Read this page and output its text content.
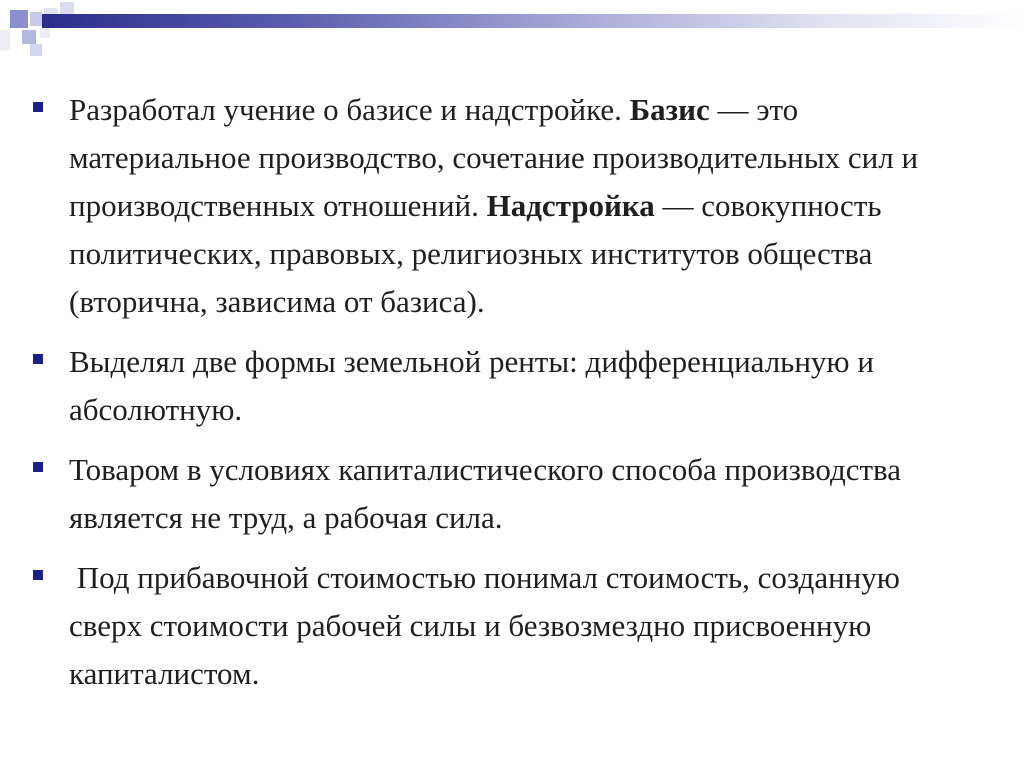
Разработал учение о базисе и надстройке. Базис — это материальное производство, сочетание производительных сил и производственных отношений. Надстройка — совокупность политических, правовых, религиозных институтов общества (вторична, зависима от базиса).
Выделял две формы земельной ренты: дифференциальную и абсолютную.
Товаром в условиях капиталистического способа производства является не труд, а рабочая сила.
Под прибавочной стоимостью понимал стоимость, созданную сверх стоимости рабочей силы и безвозмездно присвоенную капиталистом.
